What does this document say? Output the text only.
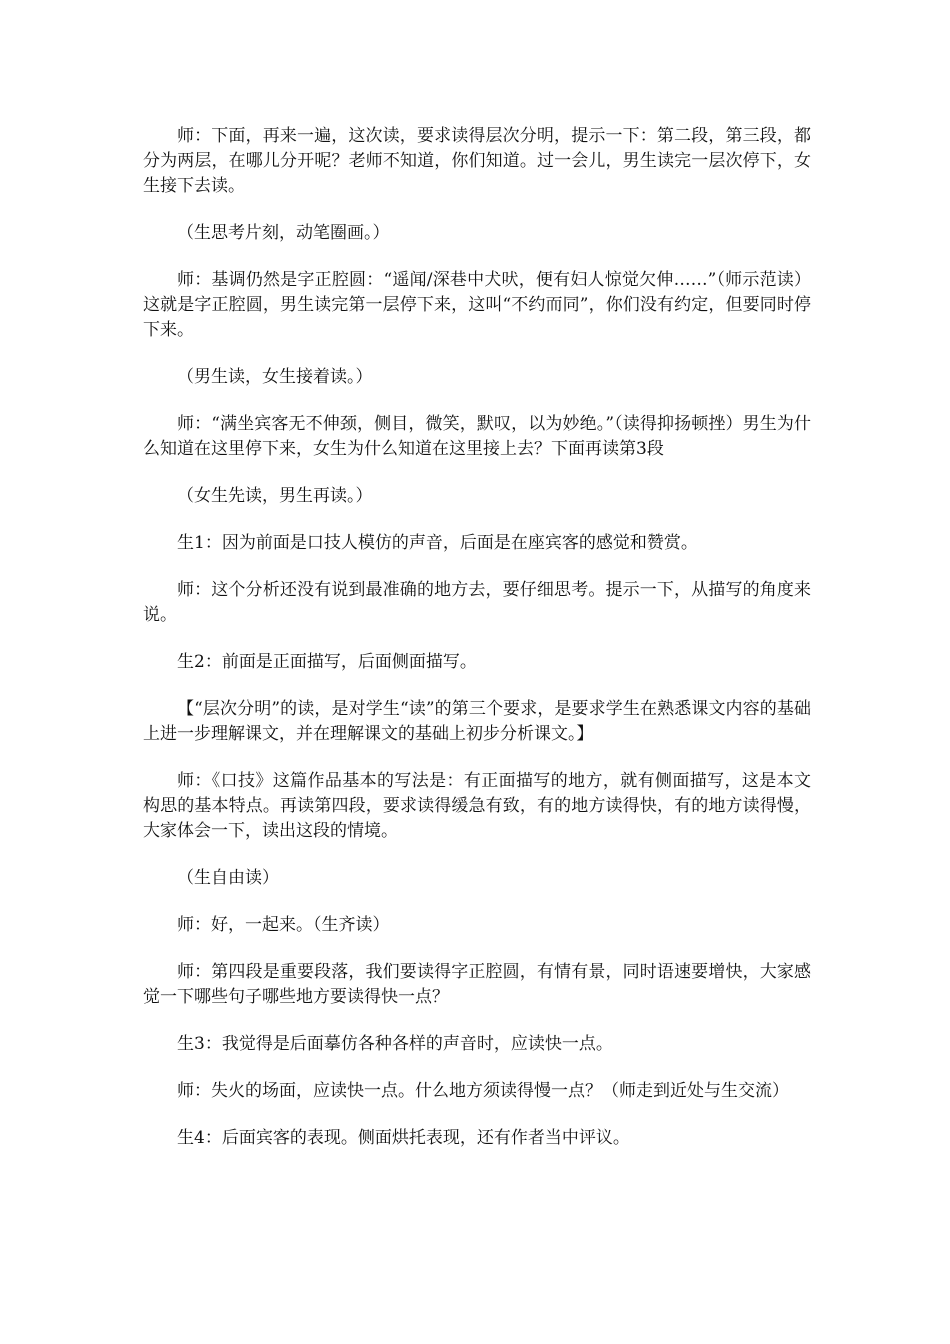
师：下面，再来一遍，这次读，要求读得层次分明，提示一下：第二段，第三段，都分为两层，在哪儿分开呢？老师不知道，你们知道。过一会儿，男生读完一层次停下，女生接下去读。

（生思考片刻，动笔圈画。）

师：基调仍然是字正腔圆：“遥闻/深巷中犬吠，便有妇人惊觉欠伸……”（师示范读）这就是字正腔圆，男生读完第一层停下来，这叫“不约而同”，你们没有约定，但要同时停下来。

（男生读，女生接着读。）

师：“满坐宾客无不伸颈，侧目，微笑，默叹，以为妙绝。”（读得抑扬顿挫）男生为什么知道在这里停下来，女生为什么知道在这里接上去？下面再读第3段

（女生先读，男生再读。）

生1：因为前面是口技人模仿的声音，后面是在座宾客的感觉和赞赏。

师：这个分析还没有说到最准确的地方去，要仔细思考。提示一下，从描写的角度来说。

生2：前面是正面描写，后面侧面描写。

【“层次分明”的读，是对学生“读”的第三个要求，是要求学生在熟悉课文内容的基础上进一步理解课文，并在理解课文的基础上初步分析课文。】

师：《口技》这篇作品基本的写法是：有正面描写的地方，就有侧面描写，这是本文构思的基本特点。再读第四段，要求读得缓急有致，有的地方读得快，有的地方读得慢，大家体会一下，读出这段的情境。

（生自由读）

师：好，一起来。（生齐读）

师：第四段是重要段落，我们要读得字正腔圆，有情有景，同时语速要增快，大家感觉一下哪些句子哪些地方要读得快一点？

生3：我觉得是后面摹仿各种各样的声音时，应读快一点。

师：失火的场面，应读快一点。什么地方须读得慢一点？（师走到近处与生交流）

生4：后面宾客的表现。侧面烘托表现，还有作者当中评议。
